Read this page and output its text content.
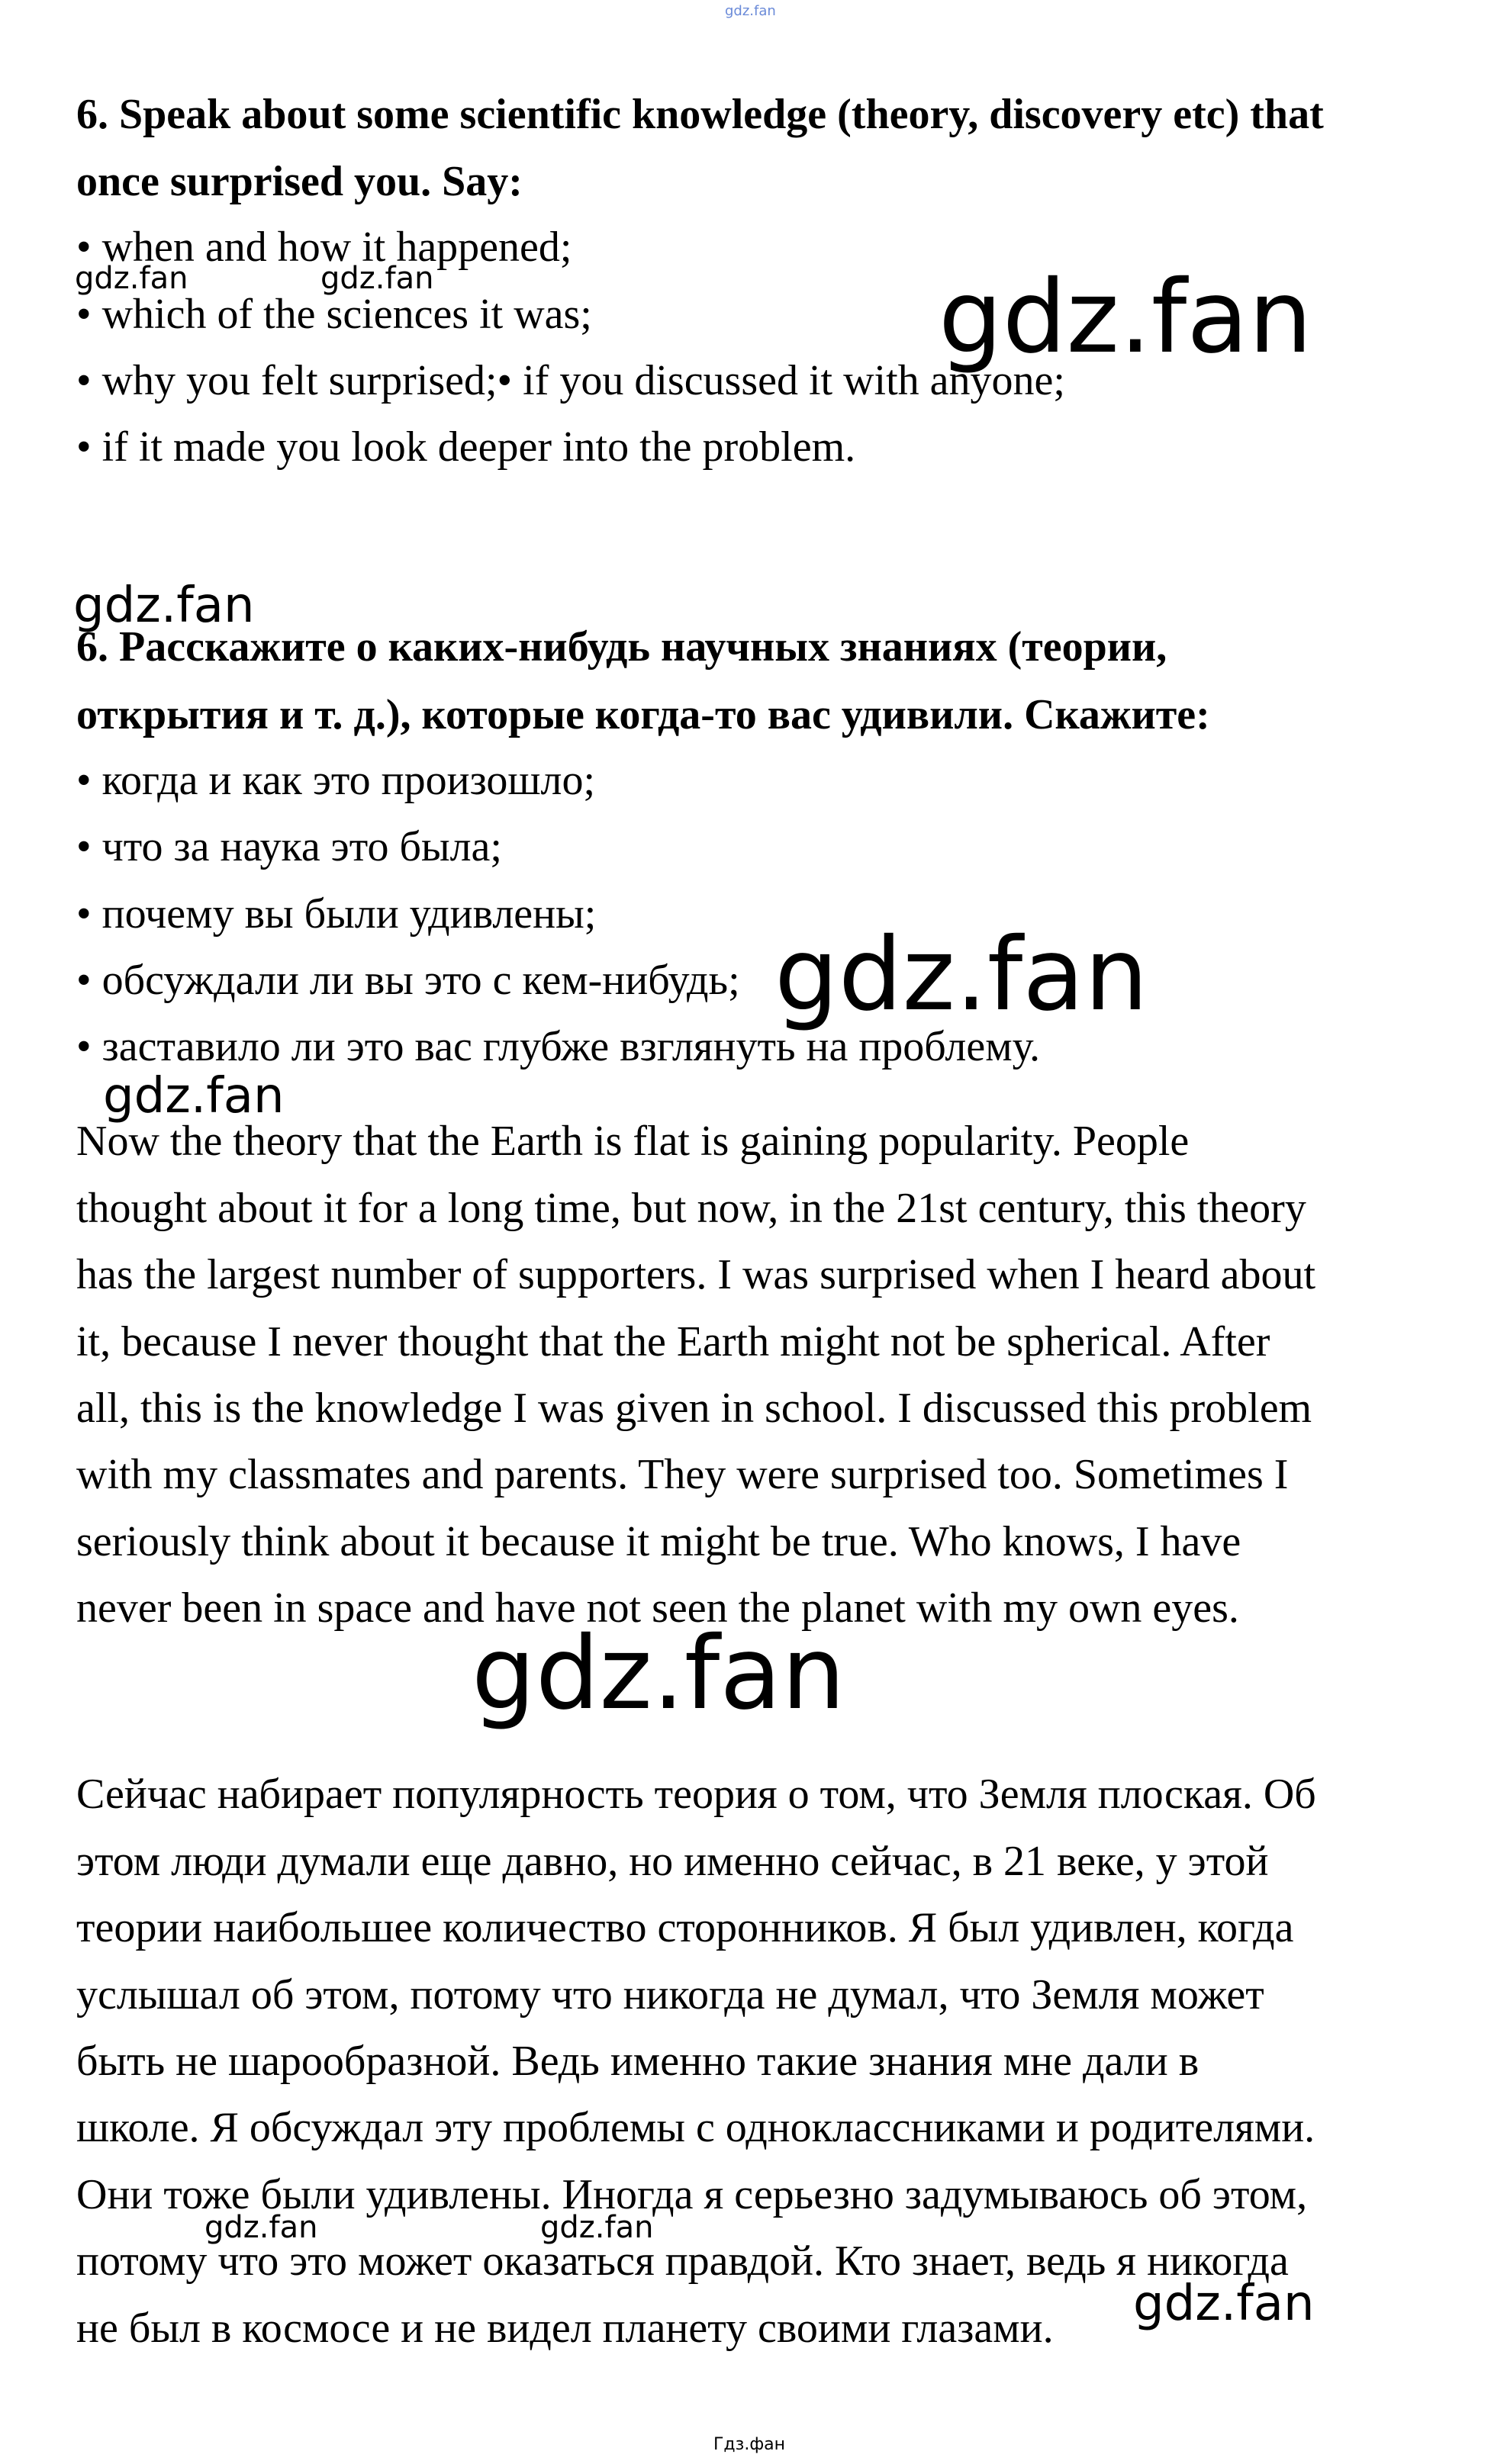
gdz.fan
6. Speak about some scientific knowledge (theory, discovery etc) that
once surprised you. Say:
• when and how it happened;
• which of the sciences it was;
• why you felt surprised;• if you discussed it with anyone;
• if it made you look deeper into the problem.
6. Расскажите о каких-нибудь научных знаниях (теории,
открытия и т. д.), которые когда-то вас удивили. Скажите:
• когда и как это произошло;
• что за наука это была;
• почему вы были удивлены;
• обсуждали ли вы это с кем-нибудь;
• заставило ли это вас глубже взглянуть на проблему.
Now the theory that the Earth is flat is gaining popularity. People
thought about it for a long time, but now, in the 21st century, this theory
has the largest number of supporters. I was surprised when I heard about
it, because I never thought that the Earth might not be spherical. After
all, this is the knowledge I was given in school. I discussed this problem
with my classmates and parents. They were surprised too. Sometimes I
seriously think about it because it might be true. Who knows, I have
never been in space and have not seen the planet with my own eyes.
Сейчас набирает популярность теория о том, что Земля плоская. Об
этом люди думали еще давно, но именно сейчас, в 21 веке, у этой
теории наибольшее количество сторонников. Я был удивлен, когда
услышал об этом, потому что никогда не думал, что Земля может
быть не шарообразной. Ведь именно такие знания мне дали в
школе. Я обсуждал эту проблемы с одноклассниками и родителями.
Они тоже были удивлены. Иногда я серьезно задумываюсь об этом,
потому что это может оказаться правдой. Кто знает, ведь я никогда
не был в космосе и не видел планету своими глазами.
gdz.fan	gdz.fan	gdz.fan
gdz.fan
gdz.fan
gdz.fan
gdz.fan
gdz.fan	gdz.fan
gdz.fan
Гдз.фан
